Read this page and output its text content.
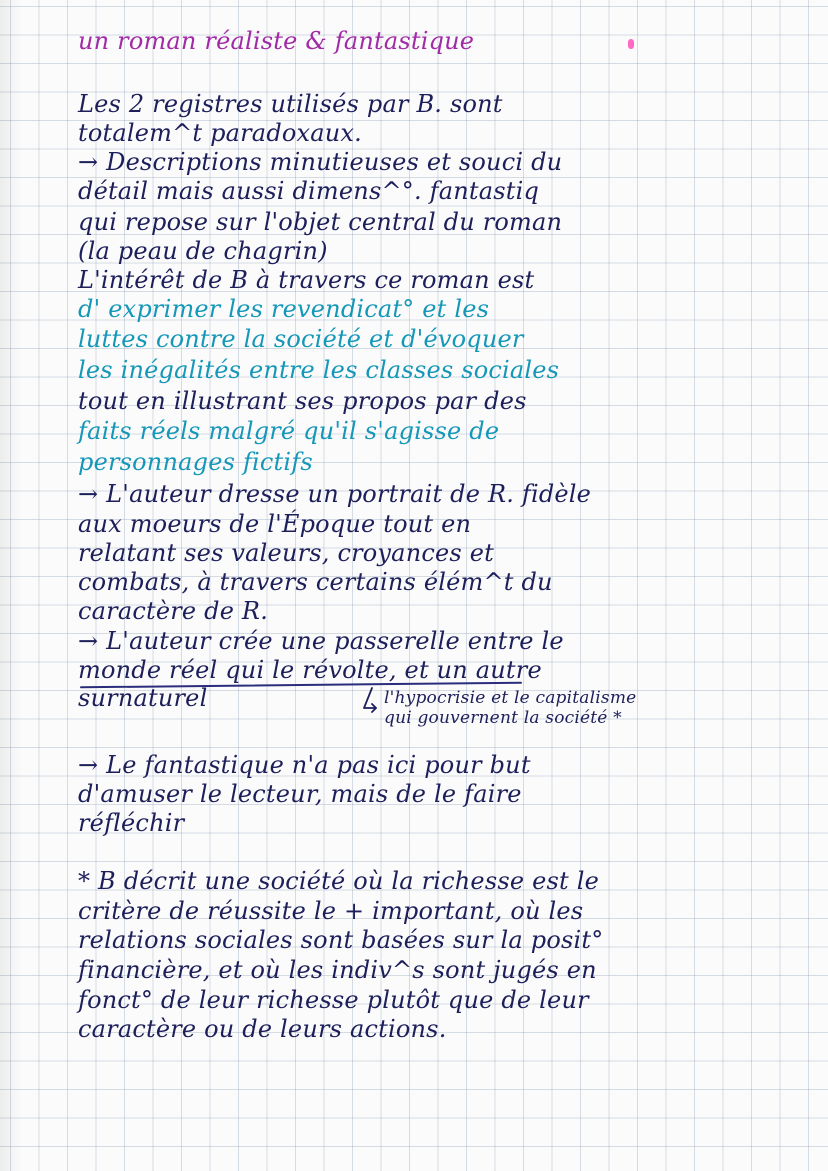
un roman réaliste & fantastique
Les 2 registres utilisés par B. sont
totalem^t paradoxaux.
→ Descriptions minutieuses et souci du
détail mais aussi dimens^°. fantastiq
qui repose sur l'objet central du roman
(la peau de chagrin)
L'intérêt de B à travers ce roman est
d' exprimer les revendicat° et les
luttes contre la société et d'évoquer
les inégalités entre les classes sociales
tout en illustrant ses propos par des
faits réels malgré qu'il s'agisse de
personnages fictifs
→ L'auteur dresse un portrait de R. fidèle
aux moeurs de l'Époque tout en
relatant ses valeurs, croyances et
combats, à travers certains élém^t du
caractère de R.
→ L'auteur crée une passerelle entre le
monde réel qui le révolte, et un autre
surnaturel	l'hypocrisie et le capitalisme
qui gouvernent la société *
→ Le fantastique n'a pas ici pour but
d'amuser le lecteur, mais de le faire
réfléchir
* B décrit une société où la richesse est le
critère de réussite le + important, où les
relations sociales sont basées sur la posit°
financière, et où les indiv^s sont jugés en
fonct° de leur richesse plutôt que de leur
caractère ou de leurs actions.
